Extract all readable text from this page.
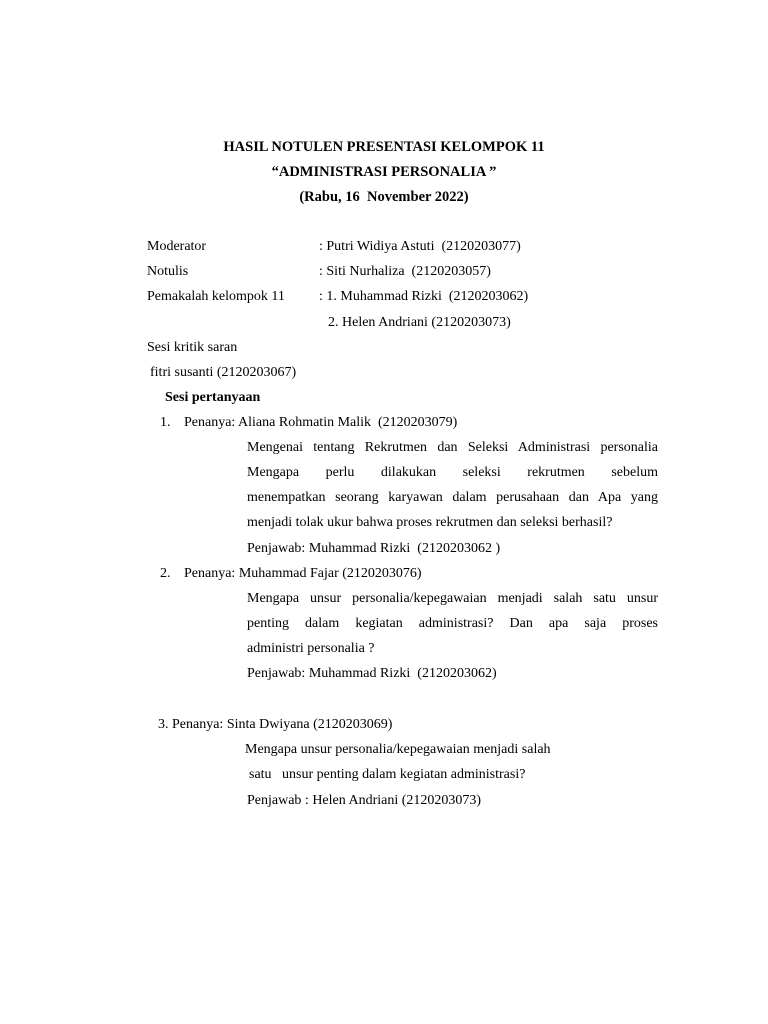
HASIL NOTULEN PRESENTASI KELOMPOK 11
“ADMINISTRASI PERSONALIA ”
(Rabu, 16  November 2022)
Moderator	: Putri Widiya Astuti  (2120203077)
Notulis	: Siti Nurhaliza  (2120203057)
Pemakalah kelompok 11 : 1. Muhammad Rizki  (2120203062)
2. Helen Andriani (2120203073)
Sesi kritik saran
fitri susanti (2120203067)
Sesi pertanyaan
1. Penanya: Aliana Rohmatin Malik  (2120203079)
Mengenai tentang Rekrutmen dan Seleksi Administrasi personalia
Mengapa perlu dilakukan seleksi rekrutmen sebelum
menempatkan seorang karyawan dalam perusahaan dan Apa yang
menjadi tolak ukur bahwa proses rekrutmen dan seleksi berhasil?
Penjawab: Muhammad Rizki  (2120203062 )
2. Penanya: Muhammad Fajar (2120203076)
Mengapa unsur personalia/kepegawaian menjadi salah satu unsur
penting dalam kegiatan administrasi? Dan apa saja proses
administri personalia ?
Penjawab: Muhammad Rizki  (2120203062)
3. Penanya: Sinta Dwiyana (2120203069)
Mengapa unsur personalia/kepegawaian menjadi salah
satu   unsur penting dalam kegiatan administrasi?
Penjawab : Helen Andriani (2120203073)
